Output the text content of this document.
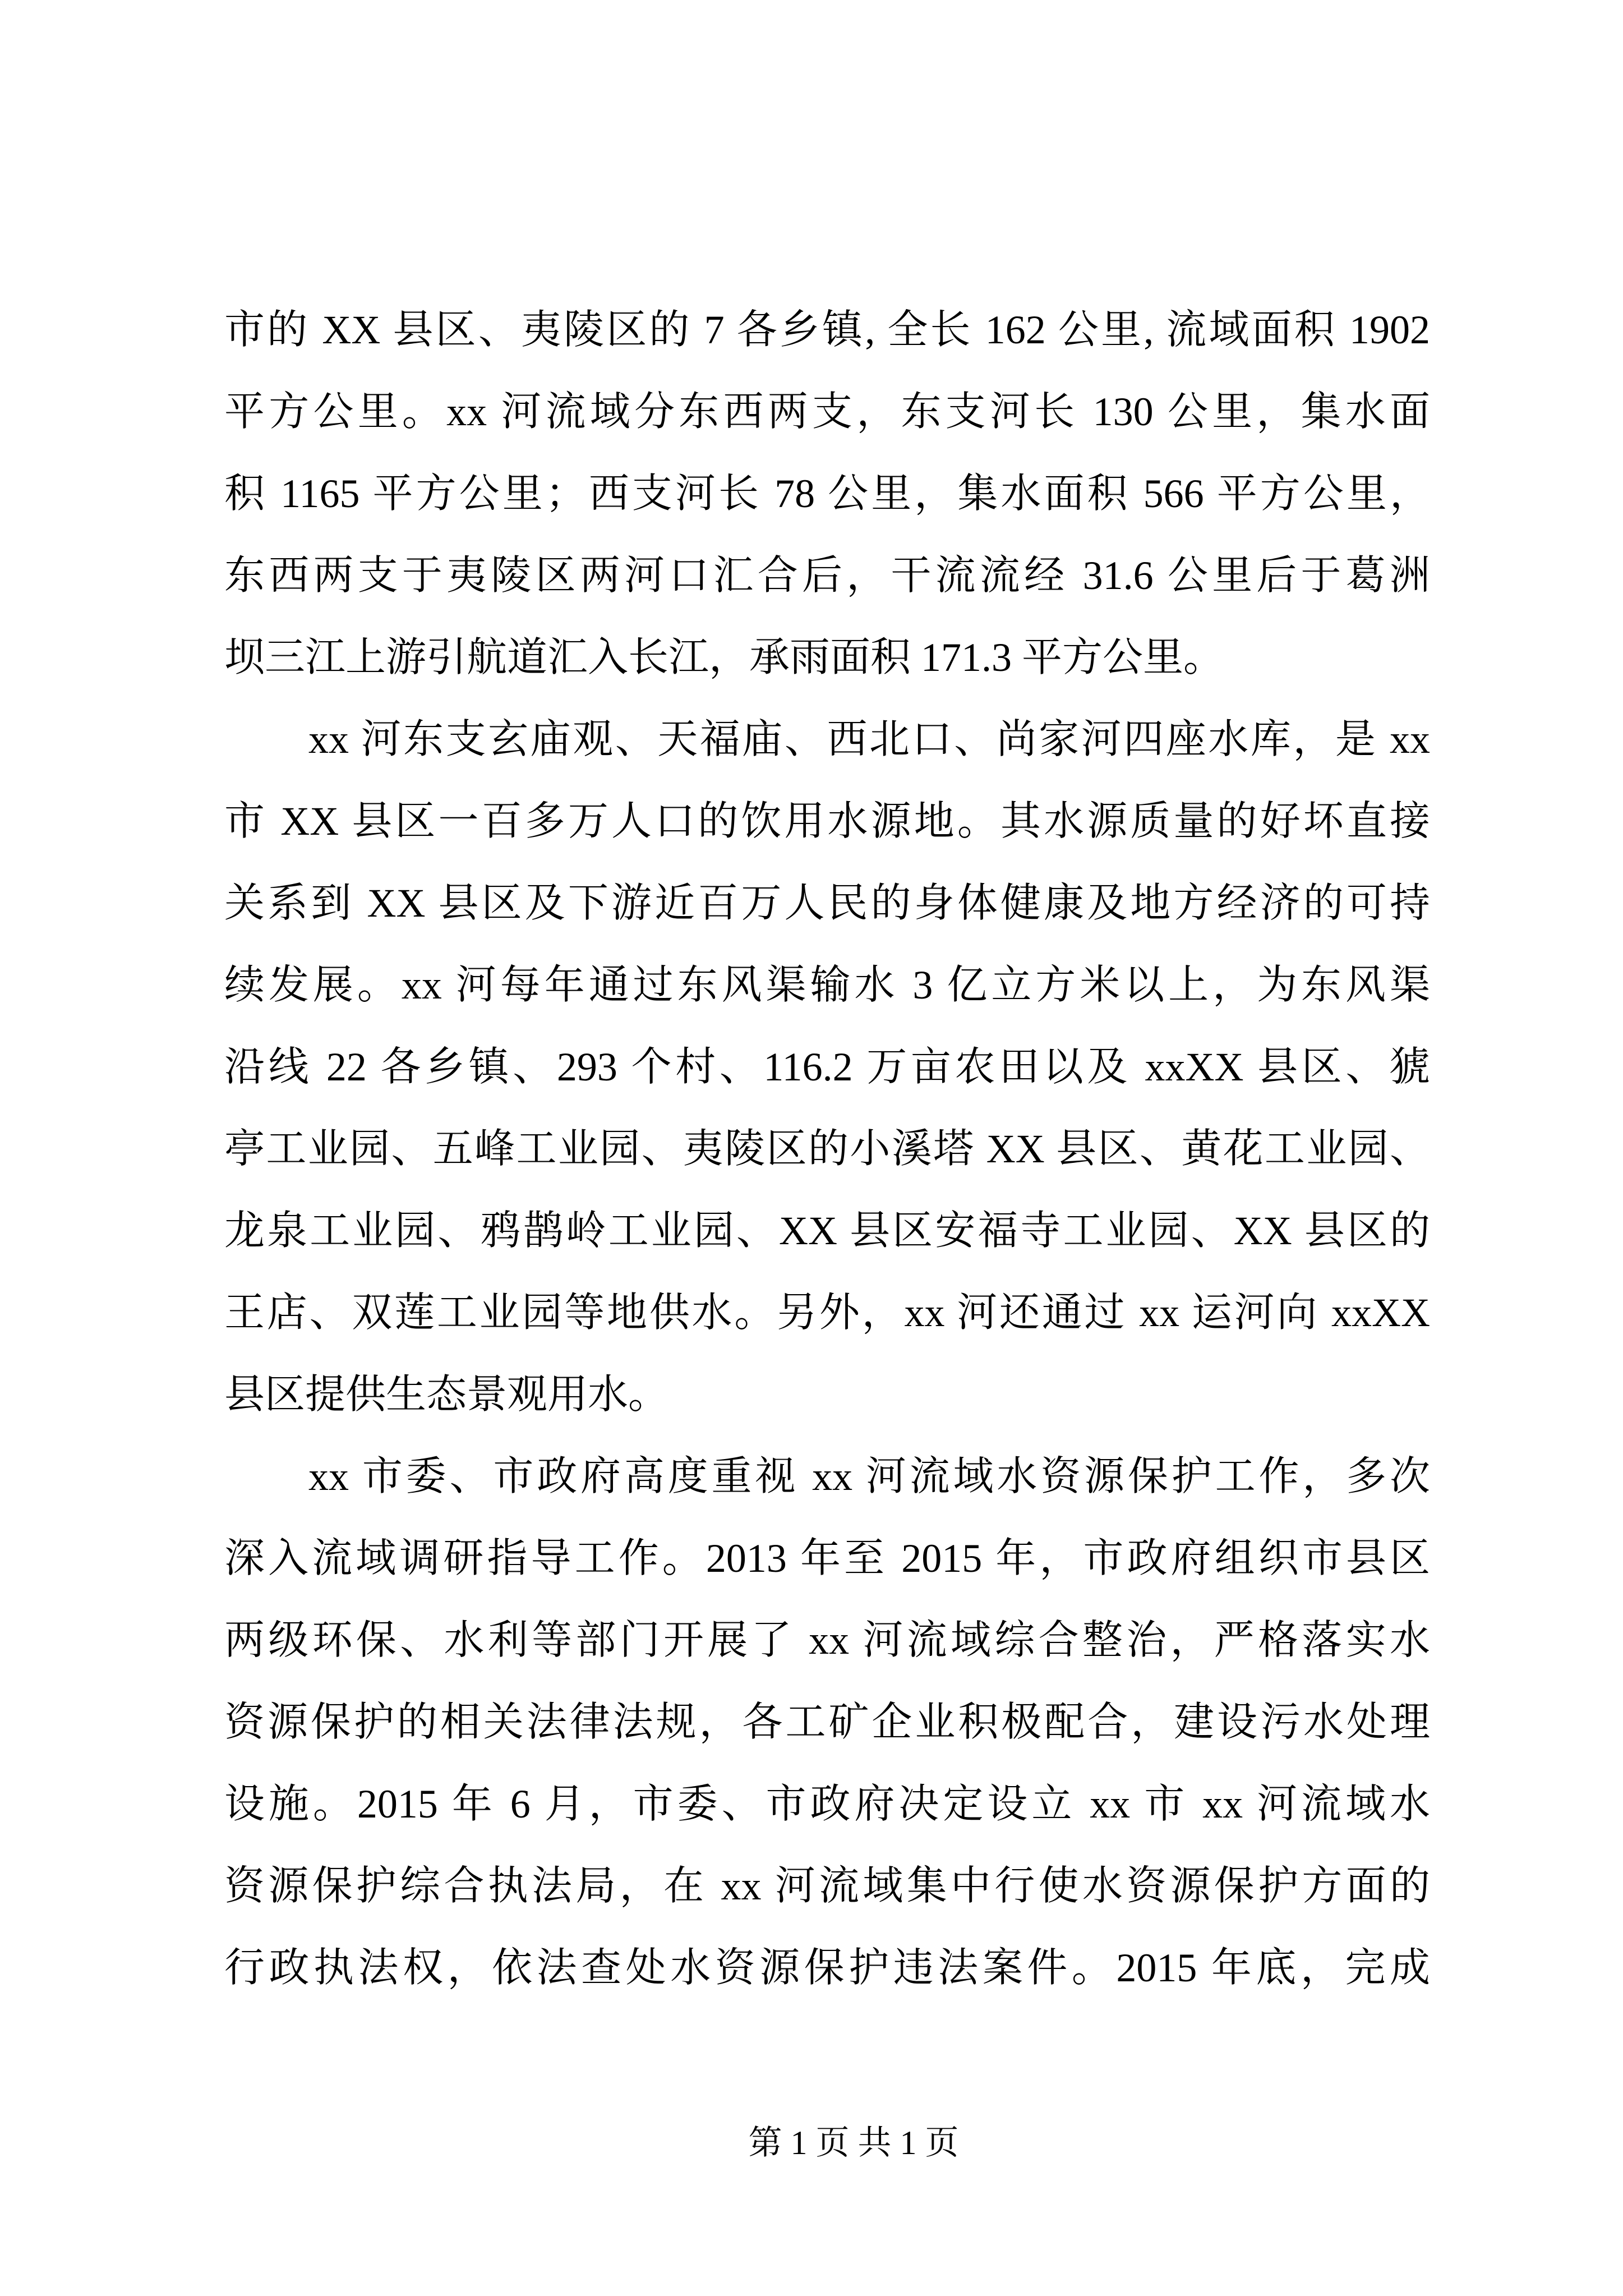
市的 XX 县区、夷陵区的 7 各乡镇, 全长 162 公里, 流域面积 1902
平方公里。xx 河流域分东西两支，东支河长 130 公里，集水面
积 1165 平方公里；西支河长 78 公里，集水面积 566 平方公里，
东西两支于夷陵区两河口汇合后，干流流经 31.6 公里后于葛洲
坝三江上游引航道汇入长江，承雨面积 171.3 平方公里。
xx 河东支玄庙观、天福庙、西北口、尚家河四座水库，是 xx
市 XX 县区一百多万人口的饮用水源地。其水源质量的好坏直接
关系到 XX 县区及下游近百万人民的身体健康及地方经济的可持
续发展。xx 河每年通过东风渠输水 3 亿立方米以上，为东风渠
沿线 22 各乡镇、293 个村、116.2 万亩农田以及 xxXX 县区、猇
亭工业园、五峰工业园、夷陵区的小溪塔 XX 县区、黄花工业园、
龙泉工业园、鸦鹊岭工业园、XX 县区安福寺工业园、XX 县区的
王店、双莲工业园等地供水。另外，xx 河还通过 xx 运河向 xxXX
县区提供生态景观用水。
xx 市委、市政府高度重视 xx 河流域水资源保护工作，多次
深入流域调研指导工作。2013 年至 2015 年，市政府组织市县区
两级环保、水利等部门开展了 xx 河流域综合整治，严格落实水
资源保护的相关法律法规，各工矿企业积极配合，建设污水处理
设施。2015 年 6 月，市委、市政府决定设立 xx 市 xx 河流域水
资源保护综合执法局，在 xx 河流域集中行使水资源保护方面的
行政执法权，依法查处水资源保护违法案件。2015 年底，完成
第 1 页 共 1 页
